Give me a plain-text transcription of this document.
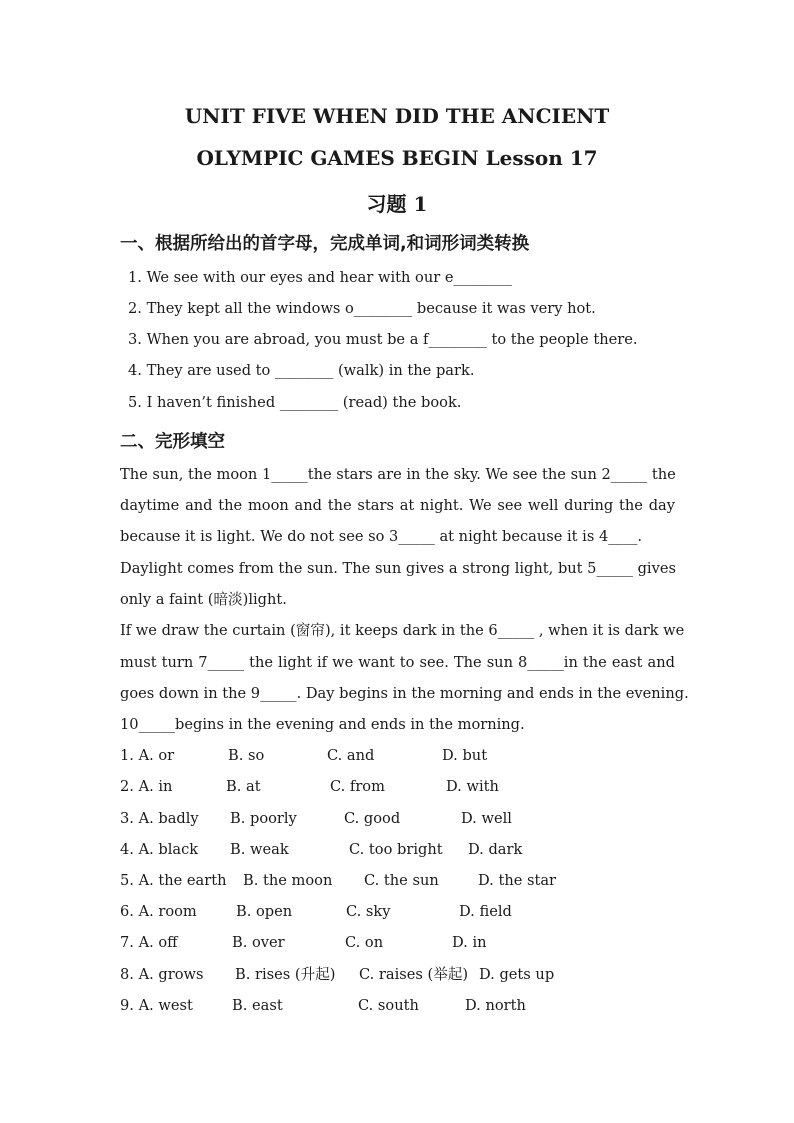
UNIT FIVE WHEN DID THE ANCIENT
OLYMPIC GAMES BEGIN Lesson 17
习题 1
一、根据所给出的首字母，完成单词,和词形词类转换
1. We see with our eyes and hear with our e________
2. They kept all the windows o________ because it was very hot.
3. When you are abroad, you must be a f________ to the people there.
4. They are used to ________ (walk) in the park.
5. I haven’t finished ________ (read) the book.
二、完形填空
The sun, the moon 1_____the stars are in the sky. We see the sun 2_____ the
daytime and the moon and the stars at night. We see well during the day
because it is light. We do not see so 3_____ at night because it is 4____.
Daylight comes from the sun. The sun gives a strong light, but 5_____ gives
only a faint (暗淡)light.
If we draw the curtain (窗帘), it keeps dark in the 6_____ , when it is dark we
must turn 7_____ the light if we want to see. The sun 8_____in the east and
goes down in the 9_____. Day begins in the morning and ends in the evening.
10_____begins in the evening and ends in the morning.
1. A. or	B. so	C. and	D. but
2. A. in	B. at	C. from	D. with
3. A. badly B. poorly	C. good	D. well
4. A. black B. weak	C. too bright D. dark
5. A. the earth B. the moon C. the sun	D. the star
6. A. room	B. open	C. sky	D. field
7. A. off	B. over	C. on	D. in
8. A. grows B. rises (升起) C. raises (举起) D. gets up
9. A. west	B. east	C. south	D. north
